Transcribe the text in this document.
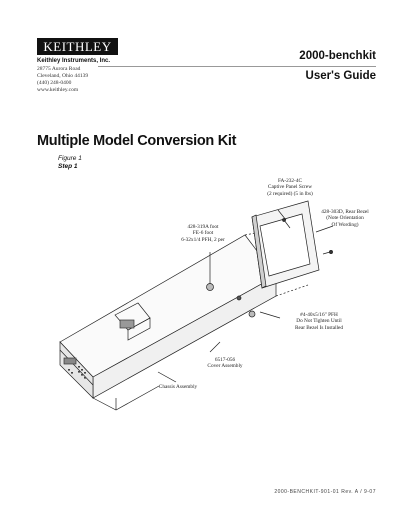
KEITHLEY
Keithley Instruments, Inc.
28775 Aurora Road
Cleveland, Ohio 44139
(440) 248-0400
www.keithley.com
2000-benchkit
User's Guide
Multiple Model Conversion Kit
Figure 1
Step 1
FA-232-4C
Captive Panel Screw
(2 required) (5 in lbs)
428-303D, Rear Bezel
(Note Orientation
Of Wording)
428-319A foot
FE-6 foot
6-32x1/4 PFH, 2 per
#4-40x5/16" PFH
Do Not Tighten Until
Rear Bezel Is Installed
6517-056
Cover Assembly
Chassis Assembly
2000-BENCHKIT-901-01 Rev. A / 9-07
